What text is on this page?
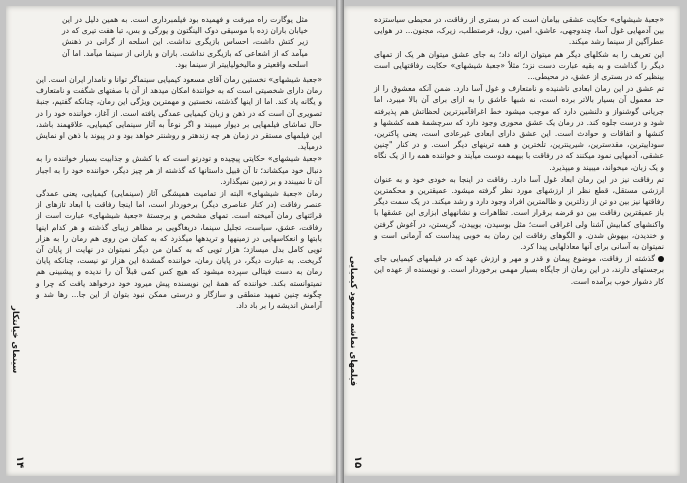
مثل یوگارت راه میرفت و فهمیده بود فیلمبرداری است. به همین دلیل در این خیابان باران زده با موسیقی دوک الینگتون و یورگی و بس، تبا هفت تیری که در زیر کتش داشت، احساس بازیگری نداشت. این اسلحه از گرانی در ذهنش میآمد که از اشعاعی که بازیگری نداشت. باران و بارانی از سینما میآمد. اما آن اسلحه واقعیتر و مالیخولیاییتر از سینما بود.

«جعبهٔ شیشهای» نخستین رمان آقای مسعود کیمیایی سینماگر توانا و نامدار ایران است. این رمان دارای شخصیتی است که به خوانندهٔ امکان میدهد از آن با صفتهای شگفت و نامتعارف و یگانه یاد کند. اما از اینها گذشته، نخستین و مهمترین ویژگی این رمان، چنانکه گفتیم، جنبهٔ تصویری آن است که در ذهن و زبان کیمیایی عمدگی یافته است. از آغاز، خواننده خود را در حال تماشای فیلمهایی بر دیوار میبیند و اگر نوعاً به آثار سینمایی کیمیایی، علاقهمند باشد، این فیلمهای مستقر در زمان هر چه زندهتر و روشنتر خواهد بود و در پیوند با ذهن او نمایش درمیآید.

«جعبهٔ شیشهای» حکایتی پیچیده و تودرتو است که با کشش و جذابیت بسیار خواننده را به دنبال خود میکشاند؛ تا آن قبیل داستانها که گذشته از هر چیز دیگر، خواننده خود را به اجبار آن تا نمیبندد و بر زمین نمیگذارد.

رمان «جعبهٔ شیشهای» البته از تمامیت همیشگی آثار (سینمایی) کیمیایی، یعنی عمدگی عنصر رفاقت (در کنار عناصری دیگر) برخوردار است، اما اینجا رفاقت با ابعاد تازهای از قرائتهای رمان آمیخته است. تمهای مشخص و برجستهٔ «جعبهٔ شیشهای» عبارت است از رفاقت، عشق، سیاست، تجلیل سینما، دریغاگویی بر مظاهر زیبای گذشته و هر کدام اینها بابتها و انعکاسهایی در زمینهها و تریدهها میگذرد که به کمان من روی هم رمان را به هزار تویی کامل بدل میسازد؛ هزار تویی که به کمان من دیگر نمیتوان در نهایت از پایان آن گریخت. به عبارت دیگر، در پایان رمان، خواننده گمشدهٔ این هزار تو نیست، چنانکه پایان رمان به دست فیتالی سپرده میشود که هیچ کس کمی قبلاً آن را ندیده و پیشبینی هم نمیتوانسته بکند. خواننده که همهٔ این نویسنده پیش میرود خود درخواهد یافت که چرا و چگونه چنین تمهید منطقی و سازگار و درستی ممکن نبود بتوان از این جا... رها شد و آرامش اندیشه را بر باد داد.

سینمای خیانتکار
۱۴

«جعبهٔ شیشهای» حکایت عشقی بیامان است که در بستری از رفاقت، در محیطی سیاستزده بین آدمهایی غول آسا، چندوجهی، عاشق، امین، رول، فرصتطلب، زیرک، مجنون... در هوایی عطرآگین از سینما رشد میکند.

این تعریف را به شکلهای دیگر هم میتوان ارائه داد؛ به جای عشق میتوان هر یک از تمهای دیگر را گذاشت و به بقیه عبارت دست نزد؛ مثلاً «جعبهٔ شیشهای» حکایت رفاقتهایی است بینظیر که در بستری از عشق، در محیطی...

تم عشق در این رمان ابعادی ناشنیده و نامتعارف و غول آسا دارد. ضمن آنکه معشوق را از حد معمول آن بسیار بالاتر برده است، نه شبها عاشق را به ازای برای آن بالا میبرد، اما جریانی گوشنواز و دلنشین دارد که موجب میشود خط اغراقآمیزترین لحظاتش هم پذیرفته شود و درست جلوه کند. در رمان یک عشق محوری وجود دارد که سرچشمهٔ همه کششها و کنشها و اتفاقات و حوادث است. این عشق دارای ابعادی غیرعادی است، یعنی پاکترین، سوداییترین، مقدسترین، شیرینترین، تلخترین و همه ترینهای دیگر است. و در کنار "چنین عشقی، آدمهایی نمود میکنند که در رفاقت با بیهمه دوست میآیند و خواننده همه را از یک نگاه و یک زبان، میخواند، میبیند و میپذیرد.

تم رفاقت نیز در این رمان ابعاد غول آسا دارد. رفاقت در اینجا به خودی خود و به عنوان ارزشی مستقل، قطع نظر از ارزشهای مورد نظر گرفته میشود. عمیقترین و محکمترین رفاقتها نیز بین دو تن از رذلترین و ظالمترین افراد وجود دارد و رشد میکند. در یک سمت دیگر باز عمیقترین رفاقت بین دو قرضه برقرار است. تظاهرات و نشانههای ابزاری این عشقها با واکنشهای کمابیش آشنا ولی اغراقی است؛ مثل بوسیدن، بوییدن، گریستن، در آغوش گرفتن و خندیدن، بیهوش شدن. و الگوهای رفاقت این رمان به خوبی پیداست که آرمانی است و نمیتوان به آسانی برای آنها معادلهایی پیدا کرد.

گذشته از رفاقت، موضوع پیمان و قدر و مهر و ارزش عهد که در فیلمهای کیمیایی جای برجستهای دارند، در این رمان از جایگاه بسیار مهمی برخوردار است. و نویسنده از عهده این کار دشوار خوب برآمده است.

فیلمهای نماشه مسعود کیمیایی
۱۵
